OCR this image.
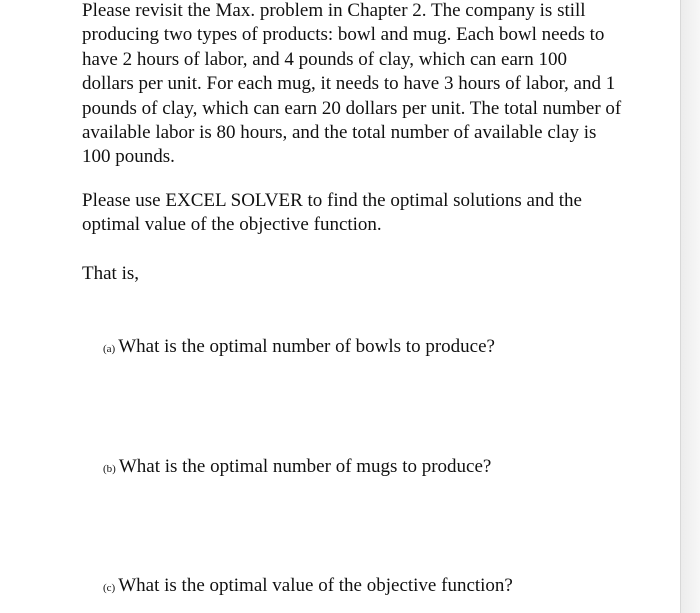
Please revisit the Max. problem in Chapter 2. The company is still producing two types of products: bowl and mug. Each bowl needs to have 2 hours of labor, and 4 pounds of clay, which can earn 100 dollars per unit. For each mug, it needs to have 3 hours of labor, and 1 pounds of clay, which can earn 20 dollars per unit. The total number of available labor is 80 hours, and the total number of available clay is 100 pounds.

Please use EXCEL SOLVER to find the optimal solutions and the optimal value of the objective function.

That is,

(a) What is the optimal number of bowls to produce?

(b) What is the optimal number of mugs to produce?

(c) What is the optimal value of the objective function?
